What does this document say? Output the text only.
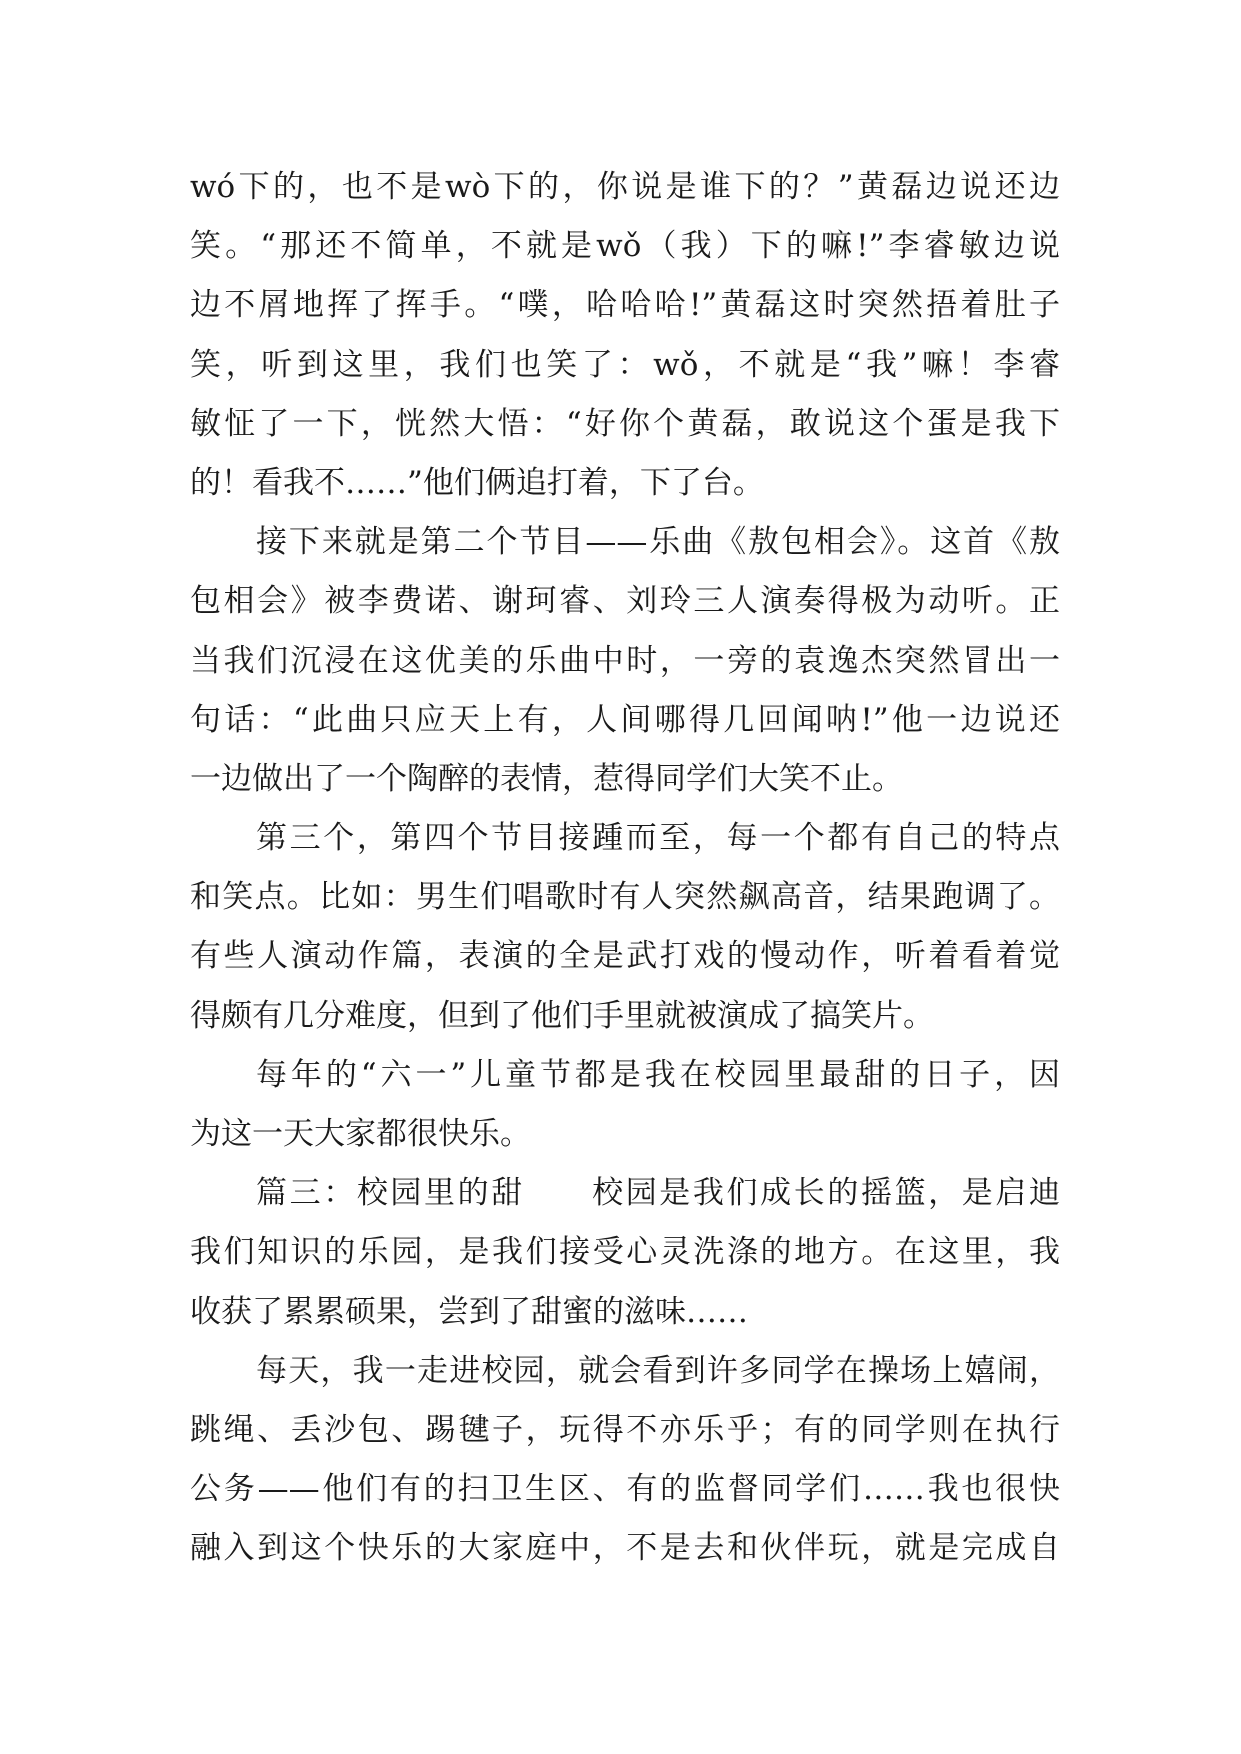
wó下的，也不是wò下的，你说是谁下的？”黄磊边说还边
笑。“那还不简单，不就是wǒ（我）下的嘛!”李睿敏边说
边不屑地挥了挥手。“噗，哈哈哈!”黄磊这时突然捂着肚子
笑，听到这里，我们也笑了：wǒ，不就是“我”嘛！李睿
敏怔了一下，恍然大悟：“好你个黄磊，敢说这个蛋是我下
的！看我不……”他们俩追打着，下了台。
接下来就是第二个节目——乐曲《敖包相会》。这首《敖
包相会》被李费诺、谢珂睿、刘玲三人演奏得极为动听。正
当我们沉浸在这优美的乐曲中时，一旁的袁逸杰突然冒出一
句话：“此曲只应天上有，人间哪得几回闻呐!”他一边说还
一边做出了一个陶醉的表情，惹得同学们大笑不止。
第三个，第四个节目接踵而至，每一个都有自己的特点
和笑点。比如：男生们唱歌时有人突然飙高音，结果跑调了。
有些人演动作篇，表演的全是武打戏的慢动作，听着看着觉
得颇有几分难度，但到了他们手里就被演成了搞笑片。
每年的“六一”儿童节都是我在校园里最甜的日子，因
为这一天大家都很快乐。
篇三：校园里的甜　　校园是我们成长的摇篮，是启迪
我们知识的乐园，是我们接受心灵洗涤的地方。在这里，我
收获了累累硕果，尝到了甜蜜的滋味……
每天，我一走进校园，就会看到许多同学在操场上嬉闹，
跳绳、丢沙包、踢毽子，玩得不亦乐乎；有的同学则在执行
公务——他们有的扫卫生区、有的监督同学们……我也很快
融入到这个快乐的大家庭中，不是去和伙伴玩，就是完成自
